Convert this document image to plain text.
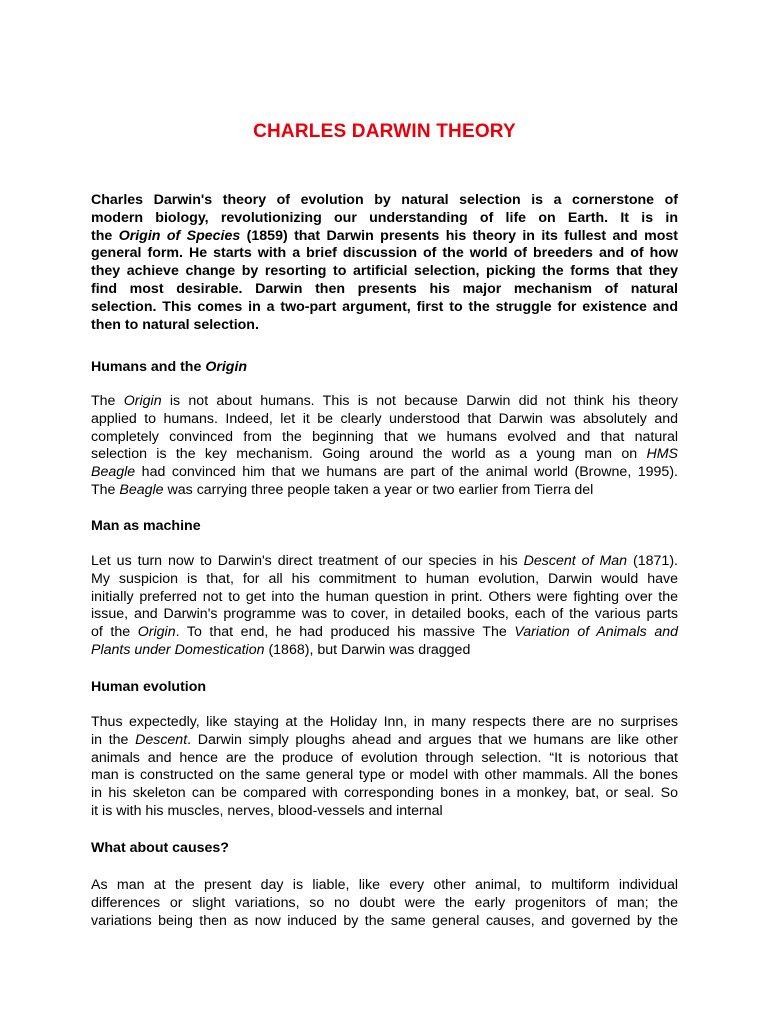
CHARLES DARWIN THEORY
Charles Darwin's theory of evolution by natural selection is a cornerstone of
modern biology, revolutionizing our understanding of life on Earth. It is in
the Origin of Species (1859) that Darwin presents his theory in its fullest and most
general form. He starts with a brief discussion of the world of breeders and of how
they achieve change by resorting to artificial selection, picking the forms that they
find most desirable. Darwin then presents his major mechanism of natural
selection. This comes in a two-part argument, first to the struggle for existence and
then to natural selection.
Humans and the Origin
The Origin is not about humans. This is not because Darwin did not think his theory
applied to humans. Indeed, let it be clearly understood that Darwin was absolutely and
completely convinced from the beginning that we humans evolved and that natural
selection is the key mechanism. Going around the world as a young man on HMS
Beagle had convinced him that we humans are part of the animal world (Browne, 1995).
The Beagle was carrying three people taken a year or two earlier from Tierra del
Man as machine
Let us turn now to Darwin's direct treatment of our species in his Descent of Man (1871).
My suspicion is that, for all his commitment to human evolution, Darwin would have
initially preferred not to get into the human question in print. Others were fighting over the
issue, and Darwin's programme was to cover, in detailed books, each of the various parts
of the Origin. To that end, he had produced his massive The Variation of Animals and
Plants under Domestication (1868), but Darwin was dragged
Human evolution
Thus expectedly, like staying at the Holiday Inn, in many respects there are no surprises
in the Descent. Darwin simply ploughs ahead and argues that we humans are like other
animals and hence are the produce of evolution through selection. “It is notorious that
man is constructed on the same general type or model with other mammals. All the bones
in his skeleton can be compared with corresponding bones in a monkey, bat, or seal. So
it is with his muscles, nerves, blood-vessels and internal
What about causes?
As man at the present day is liable, like every other animal, to multiform individual
differences or slight variations, so no doubt were the early progenitors of man; the
variations being then as now induced by the same general causes, and governed by the
